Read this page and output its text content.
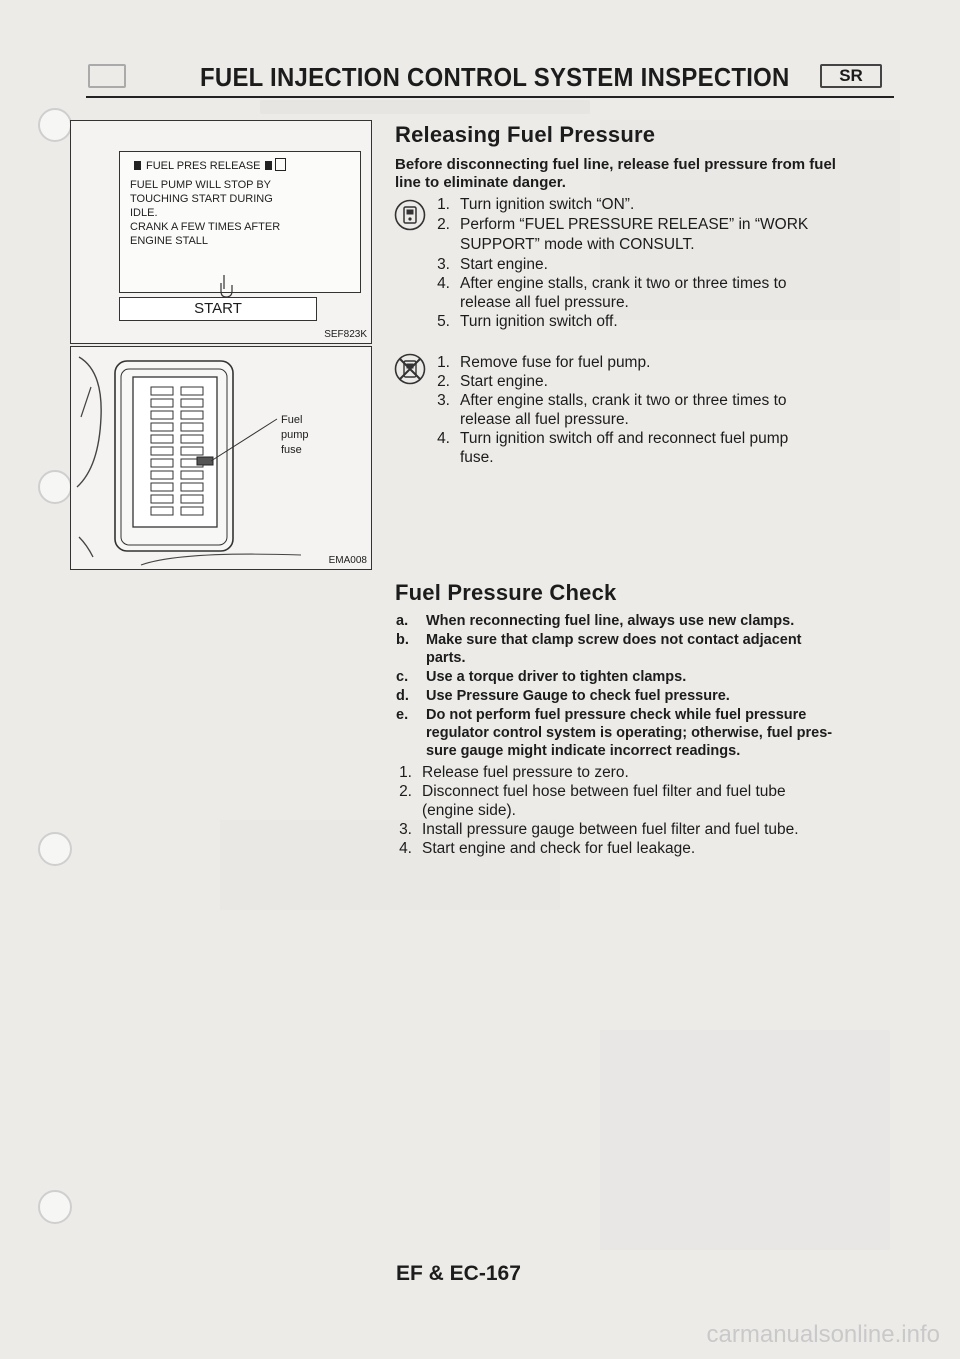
FUEL INJECTION CONTROL SYSTEM INSPECTION	SR
FUEL PRES RELEASE
FUEL PUMP WILL STOP BY
TOUCHING START DURING
IDLE.
CRANK A FEW TIMES AFTER
ENGINE STALL
START
SEF823K
Fuel
pump
fuse
EMA008
Releasing Fuel Pressure
Before disconnecting fuel line, release fuel pressure from fuel
line to eliminate danger.
1. Turn ignition switch “ON”.
2. Perform “FUEL PRESSURE RELEASE” in “WORK
SUPPORT” mode with CONSULT.
3. Start engine.
4. After engine stalls, crank it two or three times to
release all fuel pressure.
5. Turn ignition switch off.
1. Remove fuse for fuel pump.
2. Start engine.
3. After engine stalls, crank it two or three times to
release all fuel pressure.
4. Turn ignition switch off and reconnect fuel pump
fuse.
Fuel Pressure Check
a. When reconnecting fuel line, always use new clamps.
b. Make sure that clamp screw does not contact adjacent
parts.
c. Use a torque driver to tighten clamps.
d. Use Pressure Gauge to check fuel pressure.
e. Do not perform fuel pressure check while fuel pressure
regulator control system is operating; otherwise, fuel pres-
sure gauge might indicate incorrect readings.
1. Release fuel pressure to zero.
2. Disconnect fuel hose between fuel filter and fuel tube
(engine side).
3. Install pressure gauge between fuel filter and fuel tube.
4. Start engine and check for fuel leakage.
EF & EC-167
carmanualsonline.info
